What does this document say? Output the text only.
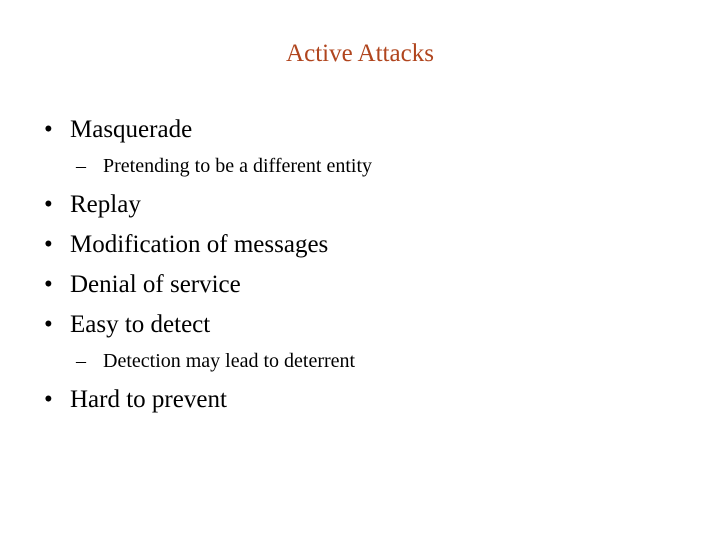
Active Attacks
• Masquerade
– Pretending to be a different entity
• Replay
• Modification of messages
• Denial of service
• Easy to detect
– Detection may lead to deterrent
• Hard to prevent
